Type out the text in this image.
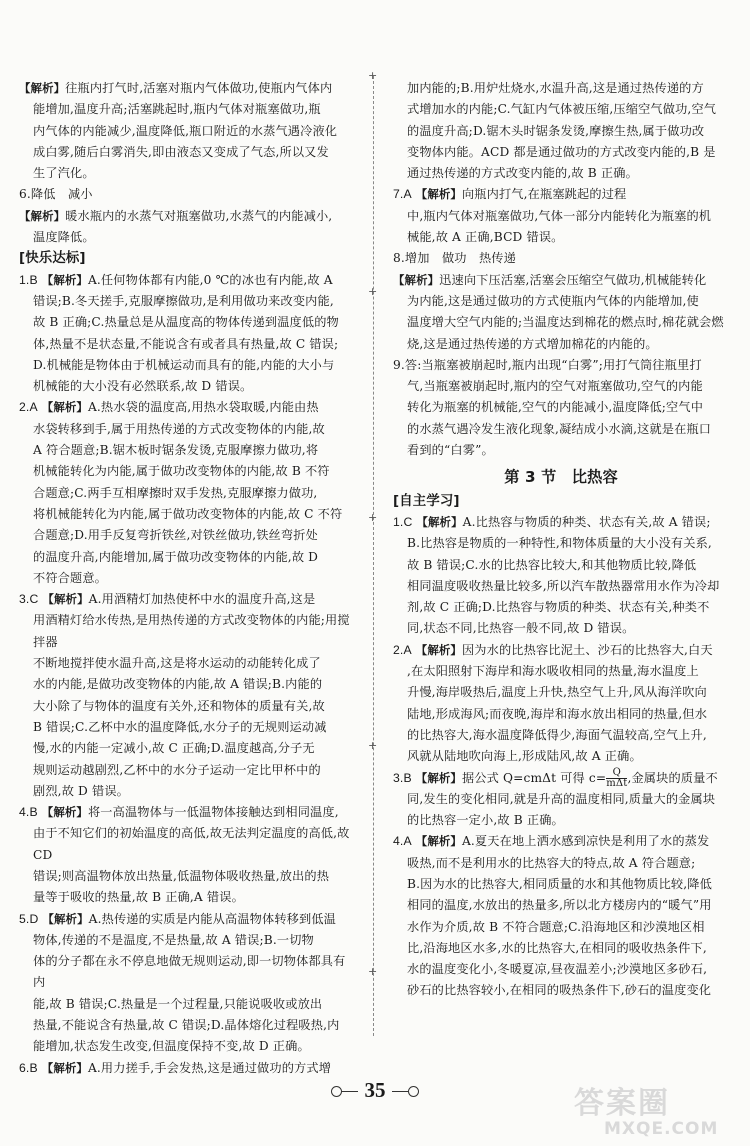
+
+
+
+
+

【解析】往瓶内打气时,活塞对瓶内气体做功,使瓶内气体内

能增加,温度升高;活塞跳起时,瓶内气体对瓶塞做功,瓶

内气体的内能减少,温度降低,瓶口附近的水蒸气遇冷液化

成白雾,随后白雾消失,即由液态又变成了气态,所以又发

生了汽化。

6.降低　减小

【解析】暖水瓶内的水蒸气对瓶塞做功,水蒸气的内能减小,

温度降低。

[快乐达标]

1.B 【解析】A.任何物体都有内能,0 ℃的冰也有内能,故 A

错误;B.冬天搓手,克服摩擦做功,是利用做功来改变内能,

故 B 正确;C.热量总是从温度高的物体传递到温度低的物

体,热量不是状态量,不能说含有或者具有热量,故 C 错误;

D.机械能是物体由于机械运动而具有的能,内能的大小与

机械能的大小没有必然联系,故 D 错误。

2.A 【解析】A.热水袋的温度高,用热水袋取暖,内能由热

水袋转移到手,属于用热传递的方式改变物体的内能,故

A 符合题意;B.锯木板时锯条发烫,克服摩擦力做功,将

机械能转化为内能,属于做功改变物体的内能,故 B 不符

合题意;C.两手互相摩擦时双手发热,克服摩擦力做功,

将机械能转化为内能,属于做功改变物体的内能,故 C 不符

合题意;D.用手反复弯折铁丝,对铁丝做功,铁丝弯折处

的温度升高,内能增加,属于做功改变物体的内能,故 D

不符合题意。

3.C 【解析】A.用酒精灯加热使杯中水的温度升高,这是

用酒精灯给水传热,是用热传递的方式改变物体的内能;用搅拌器

不断地搅拌使水温升高,这是将水运动的动能转化成了

水的内能,是做功改变物体的内能,故 A 错误;B.内能的

大小除了与物体的温度有关外,还和物体的质量有关,故

B 错误;C.乙杯中水的温度降低,水分子的无规则运动减

慢,水的内能一定减小,故 C 正确;D.温度越高,分子无

规则运动越剧烈,乙杯中的水分子运动一定比甲杯中的

剧烈,故 D 错误。

4.B 【解析】将一高温物体与一低温物体接触达到相同温度,

由于不知它们的初始温度的高低,故无法判定温度的高低,故 CD

错误;则高温物体放出热量,低温物体吸收热量,放出的热

量等于吸收的热量,故 B 正确,A 错误。

5.D 【解析】A.热传递的实质是内能从高温物体转移到低温

物体,传递的不是温度,不是热量,故 A 错误;B.一切物

体的分子都在永不停息地做无规则运动,即一切物体都具有内

能,故 B 错误;C.热量是一个过程量,只能说吸收或放出

热量,不能说含有热量,故 C 错误;D.晶体熔化过程吸热,内

能增加,状态发生改变,但温度保持不变,故 D 正确。

6.B 【解析】A.用力搓手,手会发热,这是通过做功的方式增

加内能的;B.用炉灶烧水,水温升高,这是通过热传递的方

式增加水的内能;C.气缸内气体被压缩,压缩空气做功,空气

的温度升高;D.锯木头时锯条发烫,摩擦生热,属于做功改

变物体内能。ACD 都是通过做功的方式改变内能的,B 是

通过热传递的方式改变内能的,故 B 正确。

7.A 【解析】向瓶内打气,在瓶塞跳起的过程

中,瓶内气体对瓶塞做功,气体一部分内能转化为瓶塞的机

械能,故 A 正确,BCD 错误。

8.增加　做功　热传递

【解析】迅速向下压活塞,活塞会压缩空气做功,机械能转化

为内能,这是通过做功的方式使瓶内气体的内能增加,使

温度增大空气内能的;当温度达到棉花的燃点时,棉花就会燃

烧,这是通过热传递的方式增加棉花的内能的。

9.答:当瓶塞被崩起时,瓶内出现“白雾”;用打气筒往瓶里打

气,当瓶塞被崩起时,瓶内的空气对瓶塞做功,空气的内能

转化为瓶塞的机械能,空气的内能减小,温度降低;空气中

的水蒸气遇冷发生液化现象,凝结成小水滴,这就是在瓶口

看到的“白雾”。

第 3 节　比热容

[自主学习]

1.C 【解析】A.比热容与物质的种类、状态有关,故 A 错误;

B.比热容是物质的一种特性,和物体质量的大小没有关系,

故 B 错误;C.水的比热容比较大,和其他物质比较,降低

相同温度吸收热量比较多,所以汽车散热器常用水作为冷却

剂,故 C 正确;D.比热容与物质的种类、状态有关,种类不

同,状态不同,比热容一般不同,故 D 错误。

2.A 【解析】因为水的比热容比泥土、沙石的比热容大,白天

,在太阳照射下海岸和海水吸收相同的热量,海水温度上

升慢,海岸吸热后,温度上升快,热空气上升,风从海洋吹向

陆地,形成海风;而夜晚,海岸和海水放出相同的热量,但水

的比热容大,海水温度降低得少,海面气温较高,空气上升,

风就从陆地吹向海上,形成陆风,故 A 正确。

3.B 【解析】据公式 Q=cmΔt 可得 $c= \frac{Q}{\text{mΔt}}$ ,金属块的质量不

同,发生的变化相同,就是升高的温度相同,质量大的金属块

的比热容一定小,故 B 正确。

4.A 【解析】A.夏天在地上洒水感到凉快是利用了水的蒸发

吸热,而不是利用水的比热容大的特点,故 A 符合题意;

B.因为水的比热容大,相同质量的水和其他物质比较,降低

相同的温度,水放出的热量多,所以北方楼房内的“暖气”用

水作为介质,故 B 不符合题意;C.沿海地区和沙漠地区相

比,沿海地区水多,水的比热容大,在相同的吸收热条件下,

水的温度变化小,冬暖夏凉,昼夜温差小;沙漠地区多砂石,

砂石的比热容较小,在相同的吸热条件下,砂石的温度变化

35	答案圈
MXQE.COM
